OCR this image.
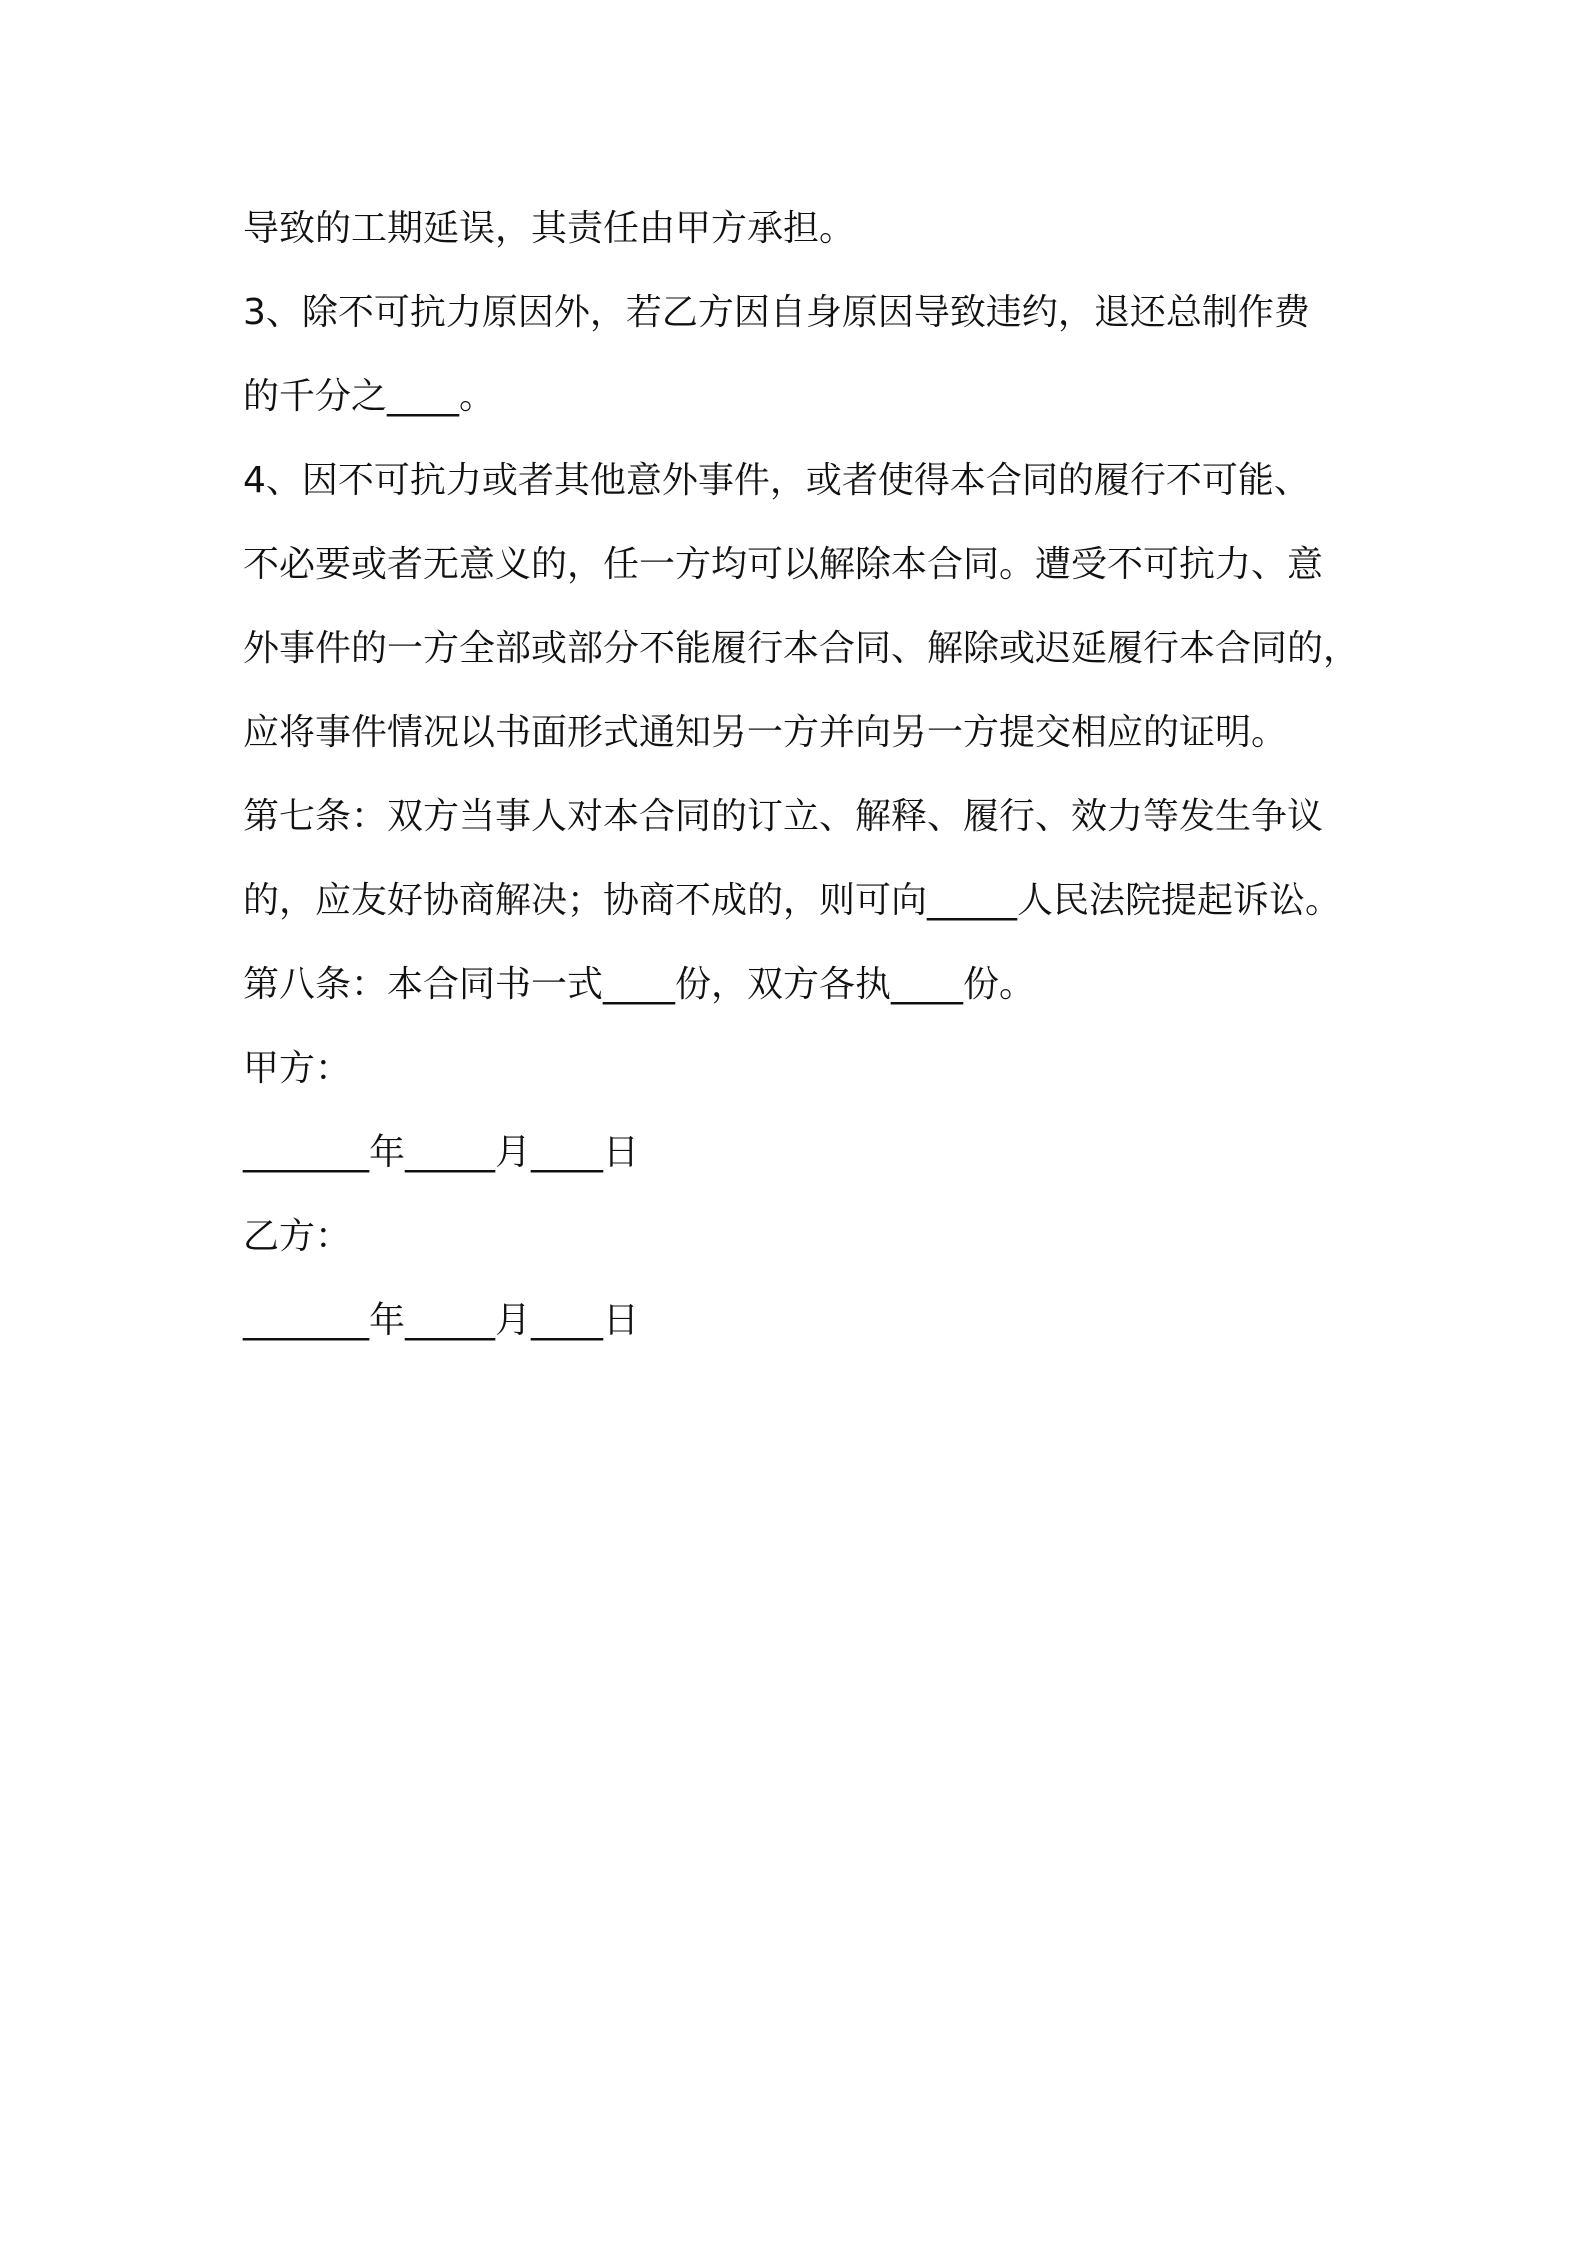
导致的工期延误，其责任由甲方承担。
3、除不可抗力原因外，若乙方因自身原因导致违约，退还总制作费
的千分之____。
4、因不可抗力或者其他意外事件，或者使得本合同的履行不可能、
不必要或者无意义的，任一方均可以解除本合同。遭受不可抗力、意
外事件的一方全部或部分不能履行本合同、解除或迟延履行本合同的，
应将事件情况以书面形式通知另一方并向另一方提交相应的证明。
第七条：双方当事人对本合同的订立、解释、履行、效力等发生争议
的，应友好协商解决；协商不成的，则可向_____人民法院提起诉讼。
第八条：本合同书一式____份，双方各执____份。
甲方：
_______年_____月____日
乙方：
_______年_____月____日
